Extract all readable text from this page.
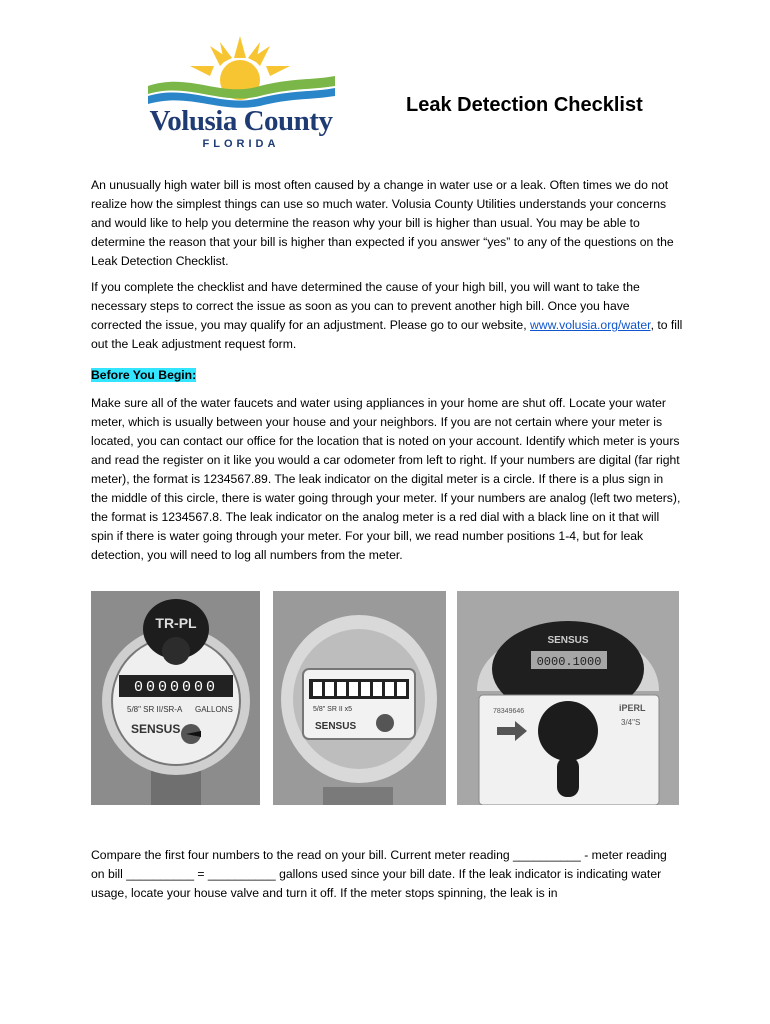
Volusia County
FLORIDA
Leak Detection Checklist

An unusually high water bill is most often caused by a change in water use or a leak. Often times we do not realize how the simplest things can use so much water. Volusia County Utilities understands your concerns and would like to help you determine the reason why your bill is higher than usual. You may be able to determine the reason that your bill is higher than expected if you answer “yes” to any of the questions on the Leak Detection Checklist.

If you complete the checklist and have determined the cause of your high bill, you will want to take the necessary steps to correct the issue as soon as you can to prevent another high bill. Once you have corrected the issue, you may qualify for an adjustment. Please go to our website, www.volusia.org/water, to fill out the Leak adjustment request form.

Before You Begin:

Make sure all of the water faucets and water using appliances in your home are shut off. Locate your water meter, which is usually between your house and your neighbors. If you are not certain where your meter is located, you can contact our office for the location that is noted on your account. Identify which meter is yours and read the register on it like you would a car odometer from left to right. If your numbers are digital (far right meter), the format is 1234567.89. The leak indicator on the digital meter is a circle. If there is a plus sign in the middle of this circle, there is water going through your meter. If your numbers are analog (left two meters), the format is 1234567.8. The leak indicator on the analog meter is a red dial with a black line on it that will spin if there is water going through your meter. For your bill, we read number positions 1-4, but for leak detection, you will need to log all numbers from the meter.

TR-PL
0000000
5/8" SR II/SR-A GALLONS
SENSUS
5/8" SR II x5
SENSUS
SENSUS
0000.1000
78349646	iPERL
3/4"S

Compare the first four numbers to the read on your bill. Current meter reading __________ - meter reading on bill __________ = __________ gallons used since your bill date. If the leak indicator is indicating water usage, locate your house valve and turn it off. If the meter stops spinning, the leak is in
